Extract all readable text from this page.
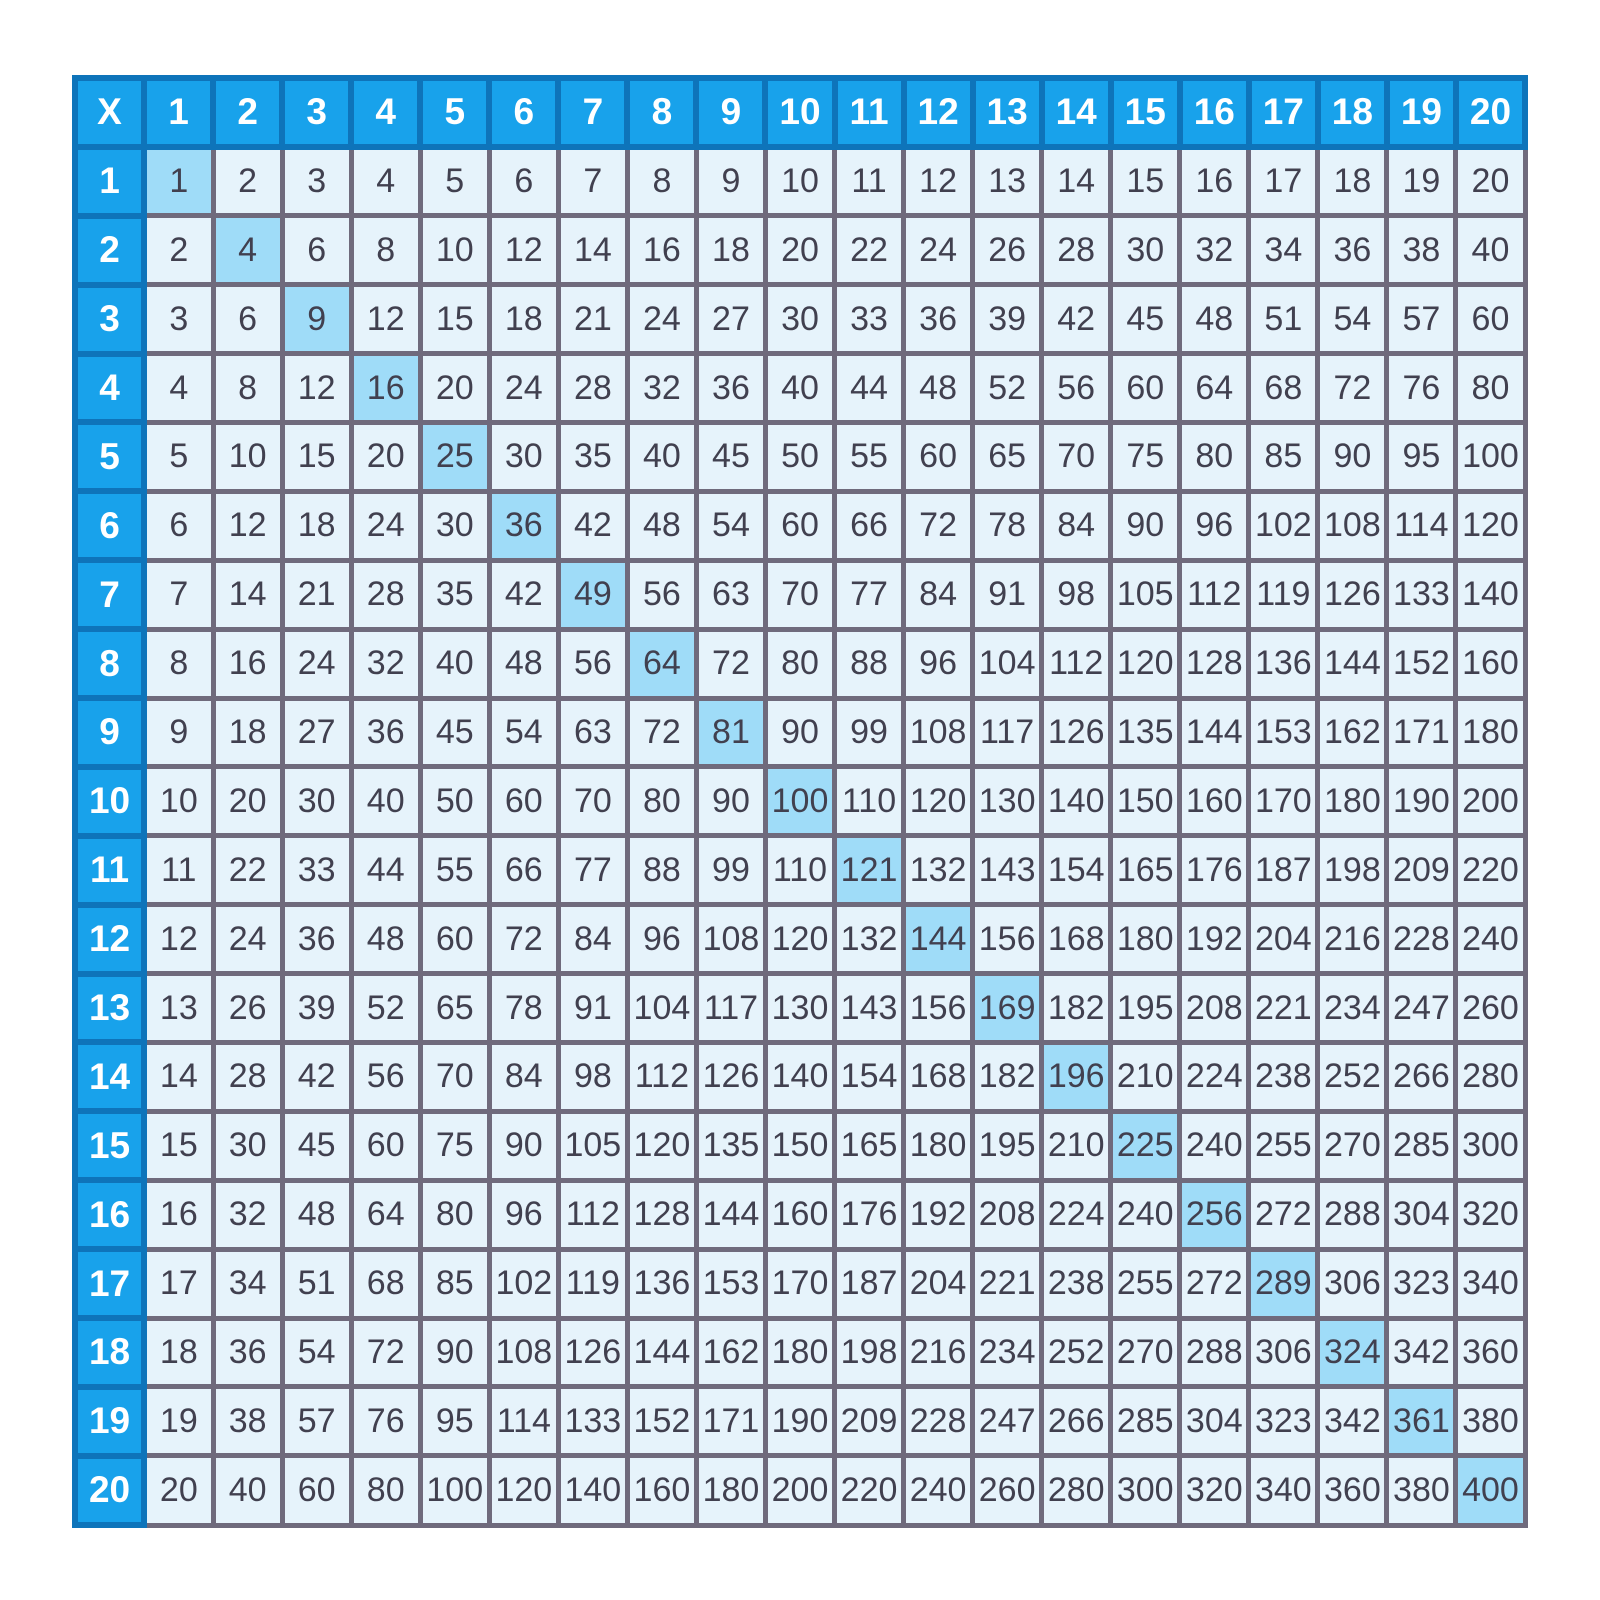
X	1	2	3	4	5	6	7	8	9	10	11	12	13	14	15	16	17	18	19	20
1	1	2	3	4	5	6	7	8	9	10	11	12	13	14	15	16	17	18	19	20
2	2	4	6	8	10	12	14	16	18	20	22	24	26	28	30	32	34	36	38	40
3	3	6	9	12	15	18	21	24	27	30	33	36	39	42	45	48	51	54	57	60
4	4	8	12	16	20	24	28	32	36	40	44	48	52	56	60	64	68	72	76	80
5	5	10	15	20	25	30	35	40	45	50	55	60	65	70	75	80	85	90	95	100
6	6	12	18	24	30	36	42	48	54	60	66	72	78	84	90	96	102	108	114	120
7	7	14	21	28	35	42	49	56	63	70	77	84	91	98	105	112	119	126	133	140
8	8	16	24	32	40	48	56	64	72	80	88	96	104	112	120	128	136	144	152	160
9	9	18	27	36	45	54	63	72	81	90	99	108	117	126	135	144	153	162	171	180
10	10	20	30	40	50	60	70	80	90	100	110	120	130	140	150	160	170	180	190	200
11	11	22	33	44	55	66	77	88	99	110	121	132	143	154	165	176	187	198	209	220
12	12	24	36	48	60	72	84	96	108	120	132	144	156	168	180	192	204	216	228	240
13	13	26	39	52	65	78	91	104	117	130	143	156	169	182	195	208	221	234	247	260
14	14	28	42	56	70	84	98	112	126	140	154	168	182	196	210	224	238	252	266	280
15	15	30	45	60	75	90	105	120	135	150	165	180	195	210	225	240	255	270	285	300
16	16	32	48	64	80	96	112	128	144	160	176	192	208	224	240	256	272	288	304	320
17	17	34	51	68	85	102	119	136	153	170	187	204	221	238	255	272	289	306	323	340
18	18	36	54	72	90	108	126	144	162	180	198	216	234	252	270	288	306	324	342	360
19	19	38	57	76	95	114	133	152	171	190	209	228	247	266	285	304	323	342	361	380
20	20	40	60	80	100	120	140	160	180	200	220	240	260	280	300	320	340	360	380	400
